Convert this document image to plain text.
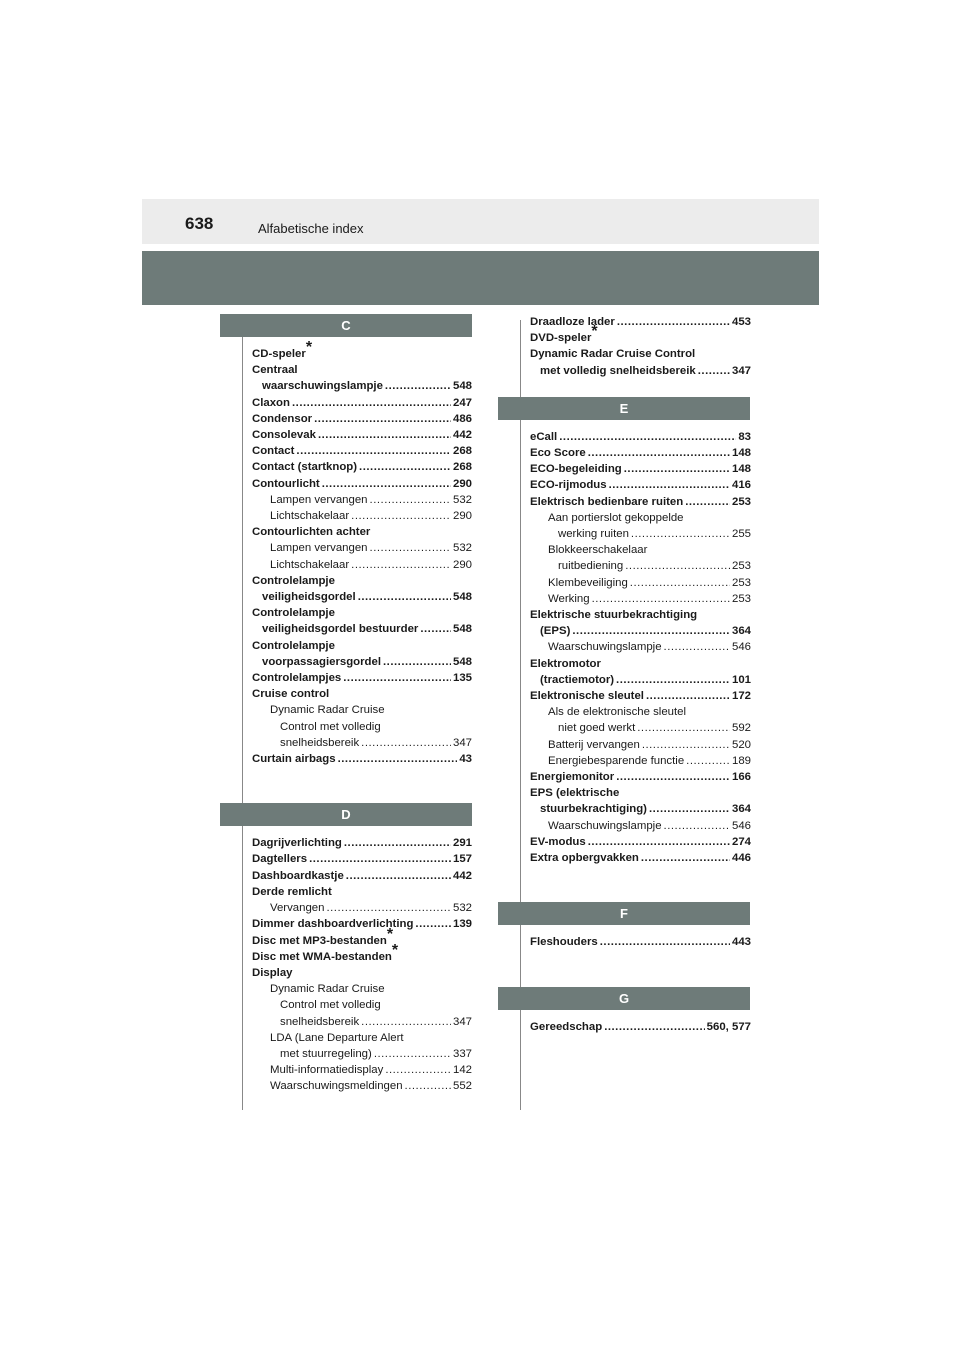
638	Alfabetische index
C
CD-speler*
Centraal
waarschuwingslampje .....	548
Claxon .....	247
Condensor .....	486
Consolevak .....	442
Contact .....	268
Contact (startknop) .....	268
Contourlicht .....	290
Lampen vervangen .....	532
Lichtschakelaar .....	290
Contourlichten achter
Lampen vervangen .....	532
Lichtschakelaar .....	290
Controlelampje
veiligheidsgordel .....	548
Controlelampje
veiligheidsgordel bestuurder .....	548
Controlelampje
voorpassagiersgordel .....	548
Controlelampjes .....	135
Cruise control
Dynamic Radar Cruise
Control met volledig
snelheidsbereik .....	347
Curtain airbags .....	43
D
Dagrijverlichting .....	291
Dagtellers .....	157
Dashboardkastje .....	442
Derde remlicht
Vervangen .....	532
Dimmer dashboardverlichting .....	139
Disc met MP3-bestanden*
Disc met WMA-bestanden*
Display
Dynamic Radar Cruise
Control met volledig
snelheidsbereik .....	347
LDA (Lane Departure Alert
met stuurregeling) .....	337
Multi-informatiedisplay .....	142
Waarschuwingsmeldingen .....	552
Draadloze lader .....	453
DVD-speler*
Dynamic Radar Cruise Control
met volledig snelheidsbereik .....	347
E
eCall .....	83
Eco Score .....	148
ECO-begeleiding .....	148
ECO-rijmodus .....	416
Elektrisch bedienbare ruiten .....	253
Aan portierslot gekoppelde
werking ruiten .....	255
Blokkeerschakelaar
ruitbediening .....	253
Klembeveiliging .....	253
Werking .....	253
Elektrische stuurbekrachtiging
(EPS) .....	364
Waarschuwingslampje .....	546
Elektromotor
(tractiemotor) .....	101
Elektronische sleutel .....	172
Als de elektronische sleutel
niet goed werkt .....	592
Batterij vervangen .....	520
Energiebesparende functie .....	189
Energiemonitor .....	166
EPS (elektrische
stuurbekrachtiging) .....	364
Waarschuwingslampje .....	546
EV-modus .....	274
Extra opbergvakken .....	446
F
Fleshouders .....	443
G
Gereedschap .....	560, 577
